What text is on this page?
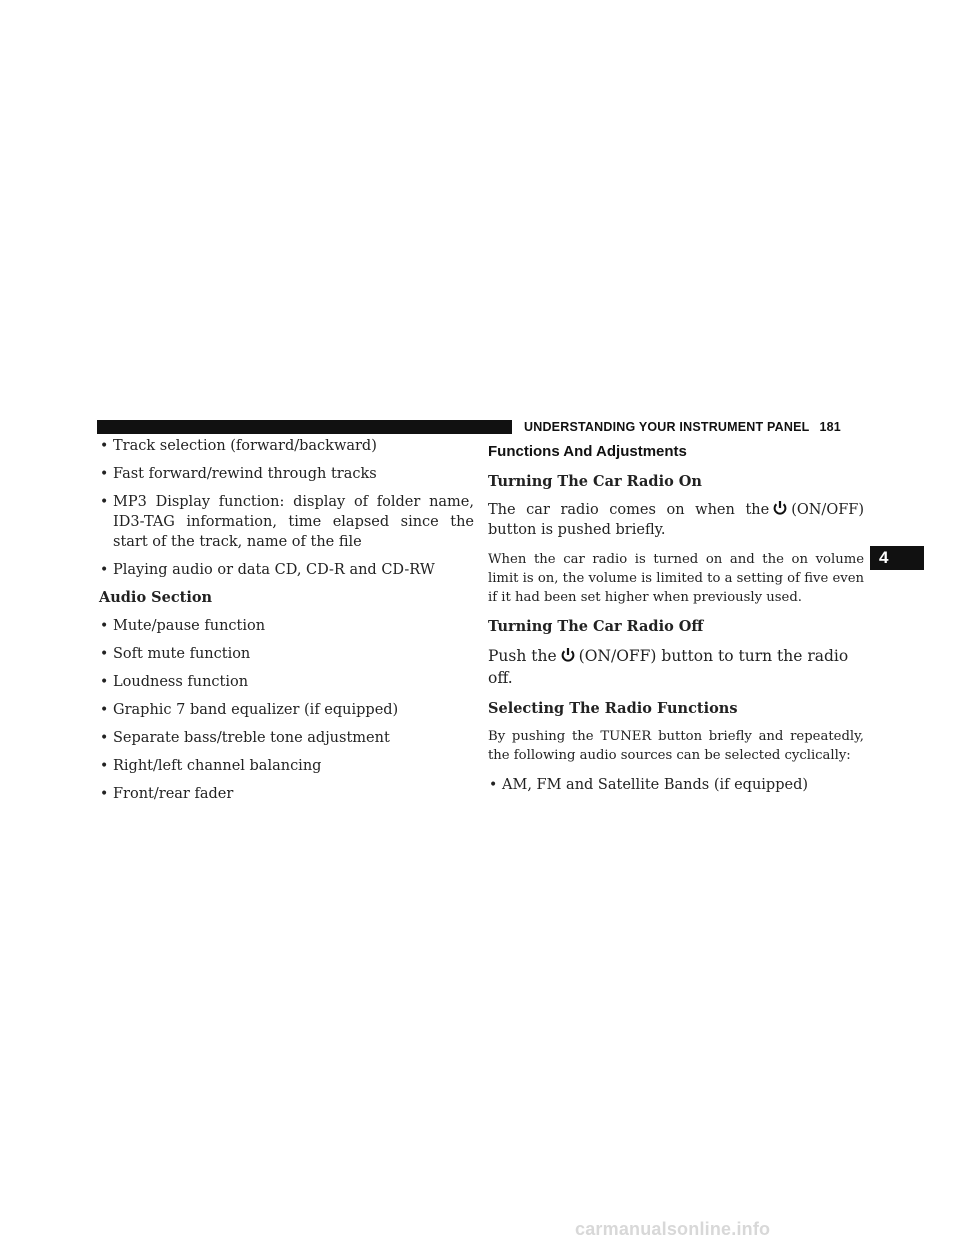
UNDERSTANDING YOUR INSTRUMENT PANEL 181
4
• Track selection (forward/backward)
• Fast forward/rewind through tracks
• MP3 Display function: display of folder name, ID3-TAG information, time elapsed since the start of the track, name of the file
• Playing audio or data CD, CD-R and CD-RW
Audio Section
• Mute/pause function
• Soft mute function
• Loudness function
• Graphic 7 band equalizer (if equipped)
• Separate bass/treble tone adjustment
• Right/left channel balancing
• Front/rear fader
Functions And Adjustments
Turning The Car Radio On
The car radio comes on when the (ON/OFF) button is pushed briefly.
When the car radio is turned on and the on volume limit is on, the volume is limited to a setting of five even if it had been set higher when previously used.
Turning The Car Radio Off
Push the (ON/OFF) button to turn the radio off.
Selecting The Radio Functions
By pushing the TUNER button briefly and repeatedly, the following audio sources can be selected cyclically:
• AM, FM and Satellite Bands (if equipped)
carmanualsonline.info
